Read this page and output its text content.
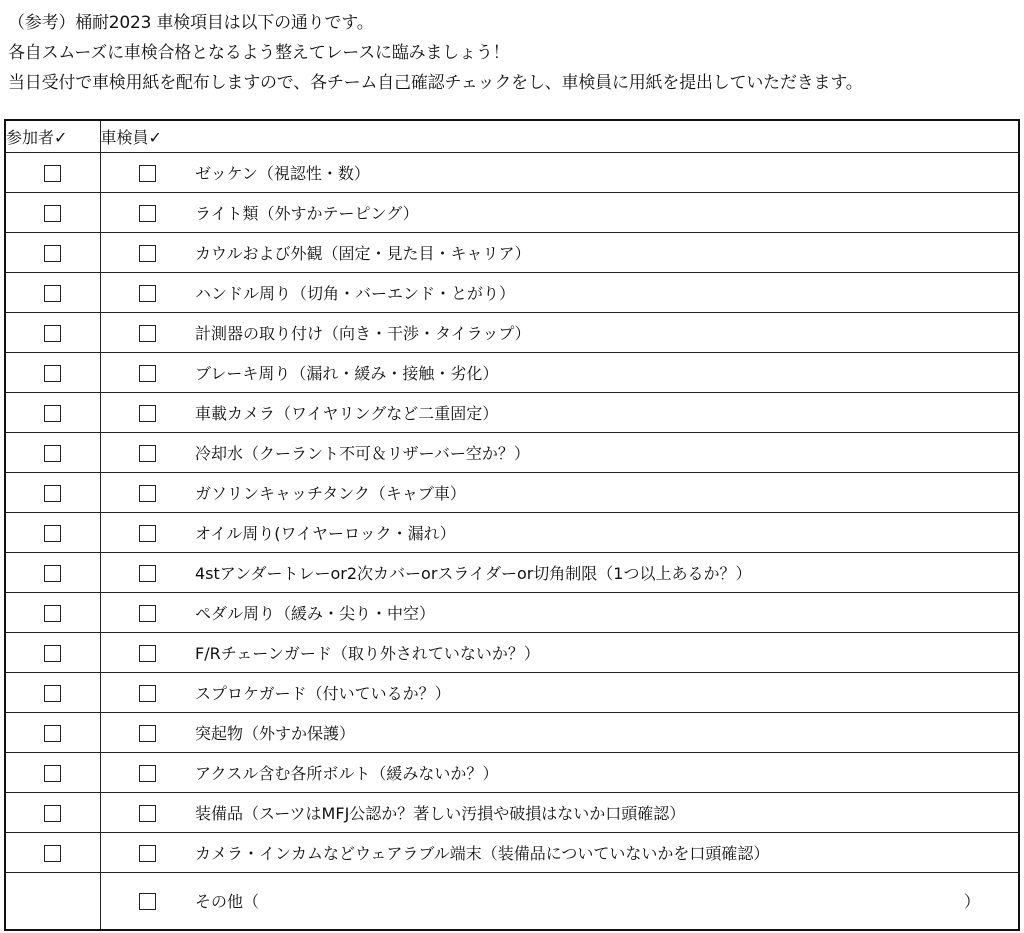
（参考）桶耐2023 車検項目は以下の通りです。
各自スムーズに車検合格となるよう整えてレースに臨みましょう！
当日受付で車検用紙を配布しますので、各チーム自己確認チェックをし、車検員に用紙を提出していただきます。
参加者✓	車検員✓	
		ゼッケン（視認性・数）
		ライト類（外すかテーピング）
		カウルおよび外観（固定・見た目・キャリア）
		ハンドル周り（切角・バーエンド・とがり）
		計測器の取り付け（向き・干渉・タイラップ）
		ブレーキ周り（漏れ・緩み・接触・劣化）
		車載カメラ（ワイヤリングなど二重固定）
		冷却水（クーラント不可＆リザーバー空か？）
		ガソリンキャッチタンク（キャブ車）
		オイル周り(ワイヤーロック・漏れ）
		4stアンダートレーor2次カバーorスライダーor切角制限（1つ以上あるか？）
		ペダル周り（緩み・尖り・中空）
		F/Rチェーンガード（取り外されていないか？）
		スプロケガード（付いているか？）
		突起物（外すか保護）
		アクスル含む各所ボルト（緩みないか？）
		装備品（スーツはMFJ公認か？著しい汚損や破損はないか口頭確認）
		カメラ・インカムなどウェアラブル端末（装備品についていないかを口頭確認）

		その他（ ）
